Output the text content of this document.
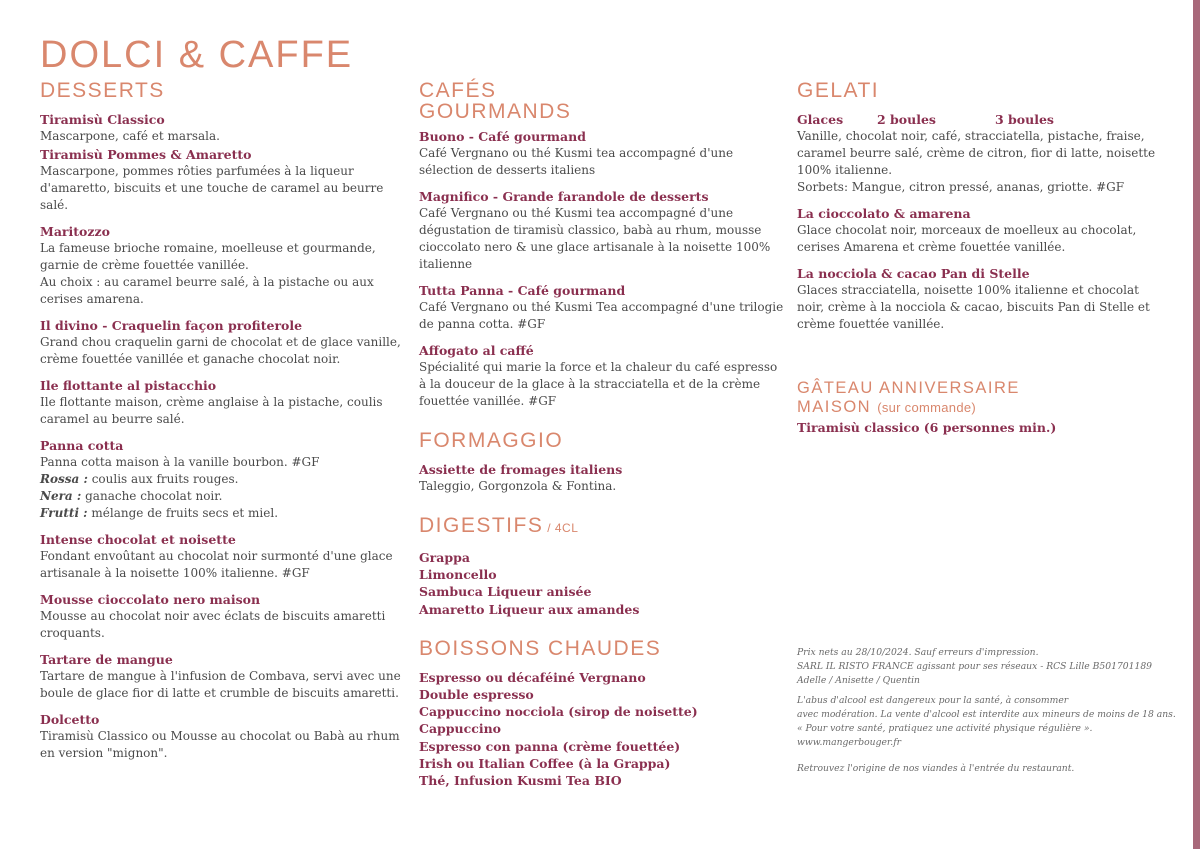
DOLCI & CAFFE
DESSERTS
Tiramisù Classico

Mascarpone, café et marsala.

Tiramisù Pommes & Amaretto

Mascarpone, pommes rôties parfumées à la liqueur d'amaretto, biscuits et une touche de caramel au beurre salé.

Maritozzo

La fameuse brioche romaine, moelleuse et gourmande, garnie de crème fouettée vanillée.

Au choix : au caramel beurre salé, à la pistache ou aux cerises amarena.

Il divino - Craquelin façon profiterole

Grand chou craquelin garni de chocolat et de glace vanille, crème fouettée vanillée et ganache chocolat noir.

Ile flottante al pistacchio

Ile flottante maison, crème anglaise à la pistache, coulis caramel au beurre salé.

Panna cotta

Panna cotta maison à la vanille bourbon. #GF

Rossa : coulis aux fruits rouges.

Nera : ganache chocolat noir.

Frutti : mélange de fruits secs et miel.

Intense chocolat et noisette

Fondant envoûtant au chocolat noir surmonté d'une glace artisanale à la noisette 100% italienne. #GF

Mousse cioccolato nero maison

Mousse au chocolat noir avec éclats de biscuits amaretti croquants.

Tartare de mangue

Tartare de mangue à l'infusion de Combava, servi avec une boule de glace fior di latte et crumble de biscuits amaretti.

Dolcetto

Tiramisù Classico ou Mousse au chocolat ou Babà au rhum en version "mignon".

CAFÉS
GOURMANDS
Buono - Café gourmand

Café Vergnano ou thé Kusmi tea accompagné d'une sélection de desserts italiens

Magnifico - Grande farandole de desserts

Café Vergnano ou thé Kusmi tea accompagné d'une dégustation de tiramisù classico, babà au rhum, mousse cioccolato nero & une glace artisanale à la noisette 100% italienne

Tutta Panna - Café gourmand

Café Vergnano ou thé Kusmi Tea accompagné d'une trilogie de panna cotta. #GF

Affogato al caffé

Spécialité qui marie la force et la chaleur du café espresso à la douceur de la glace à la stracciatella et de la crème fouettée vanillée. #GF

FORMAGGIO
Assiette de fromages italiens

Taleggio, Gorgonzola & Fontina.

DIGESTIFS / 4CL
Grappa
Limoncello
Sambuca Liqueur anisée
Amaretto Liqueur aux amandes
BOISSONS CHAUDES
Espresso ou décaféiné Vergnano
Double espresso
Cappuccino nocciola (sirop de noisette)
Cappuccino
Espresso con panna (crème fouettée)
Irish ou Italian Coffee (à la Grappa)
Thé, Infusion Kusmi Tea BIO
GELATI
Glaces	2 boules	3 boules

Vanille, chocolat noir, café, stracciatella, pistache, fraise, caramel beurre salé, crème de citron, fior di latte, noisette 100% italienne.

Sorbets: Mangue, citron pressé, ananas, griotte. #GF

La cioccolato & amarena

Glace chocolat noir, morceaux de moelleux au chocolat, cerises Amarena et crème fouettée vanillée.

La nocciola & cacao Pan di Stelle

Glaces stracciatella, noisette 100% italienne et chocolat noir, crème à la nocciola & cacao, biscuits Pan di Stelle et crème fouettée vanillée.

GÂTEAU ANNIVERSAIRE
MAISON (sur commande)
Tiramisù classico (6 personnes min.)

Prix nets au 28/10/2024. Sauf erreurs d'impression.
SARL IL RISTO FRANCE agissant pour ses réseaux - RCS Lille B501701189
Adelle / Anisette / Quentin

L'abus d'alcool est dangereux pour la santé, à consommer
avec modération. La vente d'alcool est interdite aux mineurs de moins de 18 ans.
« Pour votre santé, pratiquez une activité physique régulière ».
www.mangerbouger.fr

Retrouvez l'origine de nos viandes à l'entrée du restaurant.
